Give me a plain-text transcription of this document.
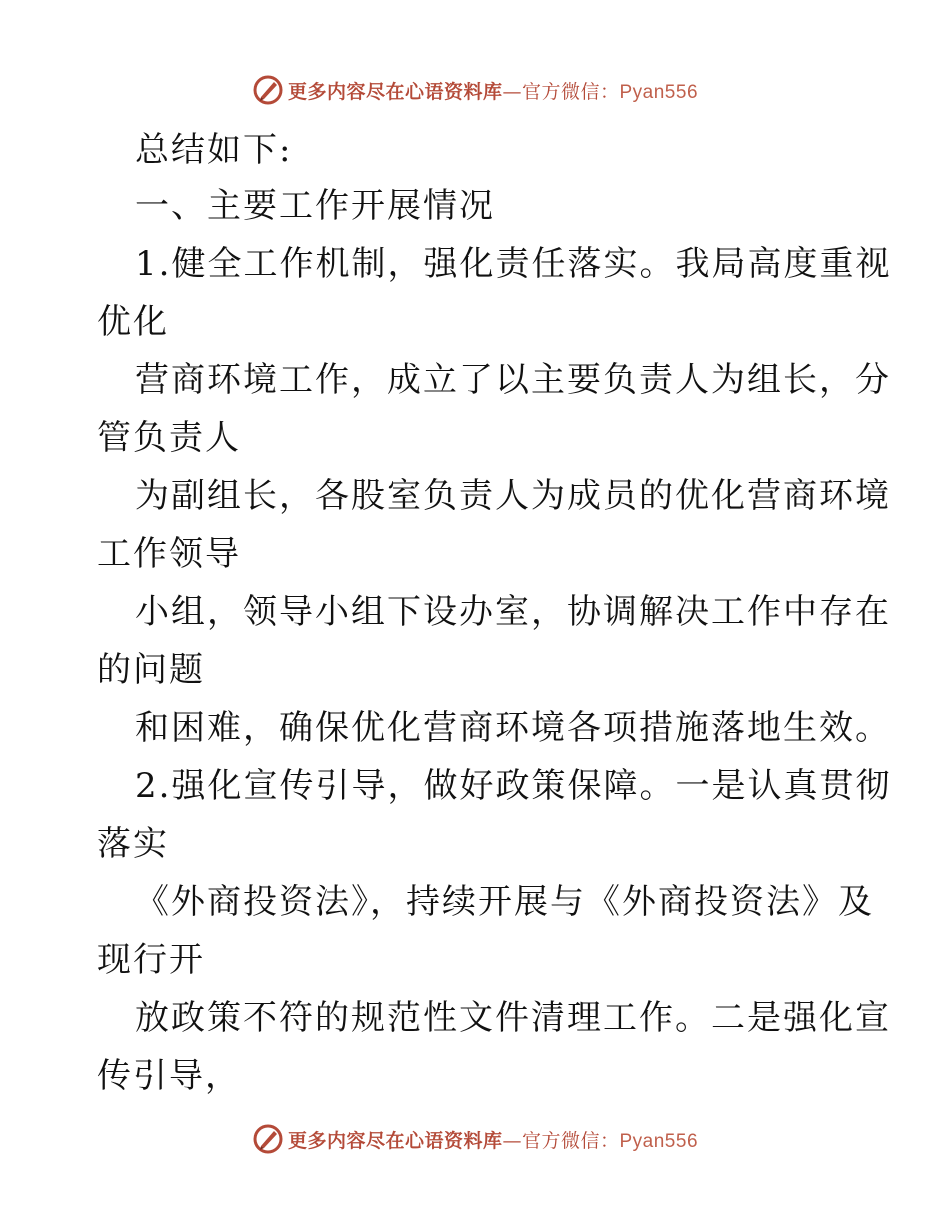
更多内容尽在心语资料库—官方微信：Pyan556
总结如下:
一、主要工作开展情况
1.健全工作机制，强化责任落实。我局高度重视
优化
营商环境工作，成立了以主要负责人为组长，分
管负责人
为副组长，各股室负责人为成员的优化营商环境
工作领导
小组，领导小组下设办室，协调解决工作中存在
的问题
和困难，确保优化营商环境各项措施落地生效。
2.强化宣传引导，做好政策保障。一是认真贯彻
落实
《外商投资法》，持续开展与《外商投资法》及
现行开
放政策不符的规范性文件清理工作。二是强化宣
传引导，
更多内容尽在心语资料库—官方微信：Pyan556
